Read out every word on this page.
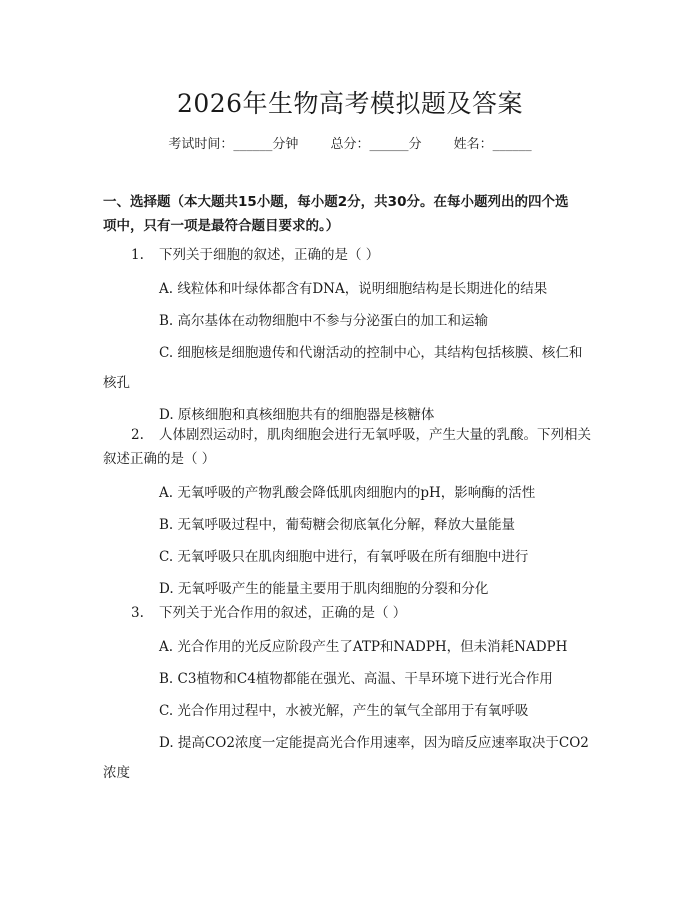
2026年生物高考模拟题及答案
考试时间：______分钟 总分：______分 姓名：______
一、选择题（本大题共15小题，每小题2分，共30分。在每小题列出的四个选
项中，只有一项是最符合题目要求的。）
1. 下列关于细胞的叙述，正确的是（ ）
A. 线粒体和叶绿体都含有DNA，说明细胞结构是长期进化的结果
B. 高尔基体在动物细胞中不参与分泌蛋白的加工和运输
C. 细胞核是细胞遗传和代谢活动的控制中心，其结构包括核膜、核仁和
核孔
D. 原核细胞和真核细胞共有的细胞器是核糖体
2. 人体剧烈运动时，肌肉细胞会进行无氧呼吸，产生大量的乳酸。下列相关
叙述正确的是（ ）
A. 无氧呼吸的产物乳酸会降低肌肉细胞内的pH，影响酶的活性
B. 无氧呼吸过程中，葡萄糖会彻底氧化分解，释放大量能量
C. 无氧呼吸只在肌肉细胞中进行，有氧呼吸在所有细胞中进行
D. 无氧呼吸产生的能量主要用于肌肉细胞的分裂和分化
3. 下列关于光合作用的叙述，正确的是（ ）
A. 光合作用的光反应阶段产生了ATP和NADPH，但未消耗NADPH
B. C3植物和C4植物都能在强光、高温、干旱环境下进行光合作用
C. 光合作用过程中，水被光解，产生的氧气全部用于有氧呼吸
D. 提高CO2浓度一定能提高光合作用速率，因为暗反应速率取决于CO2
浓度
